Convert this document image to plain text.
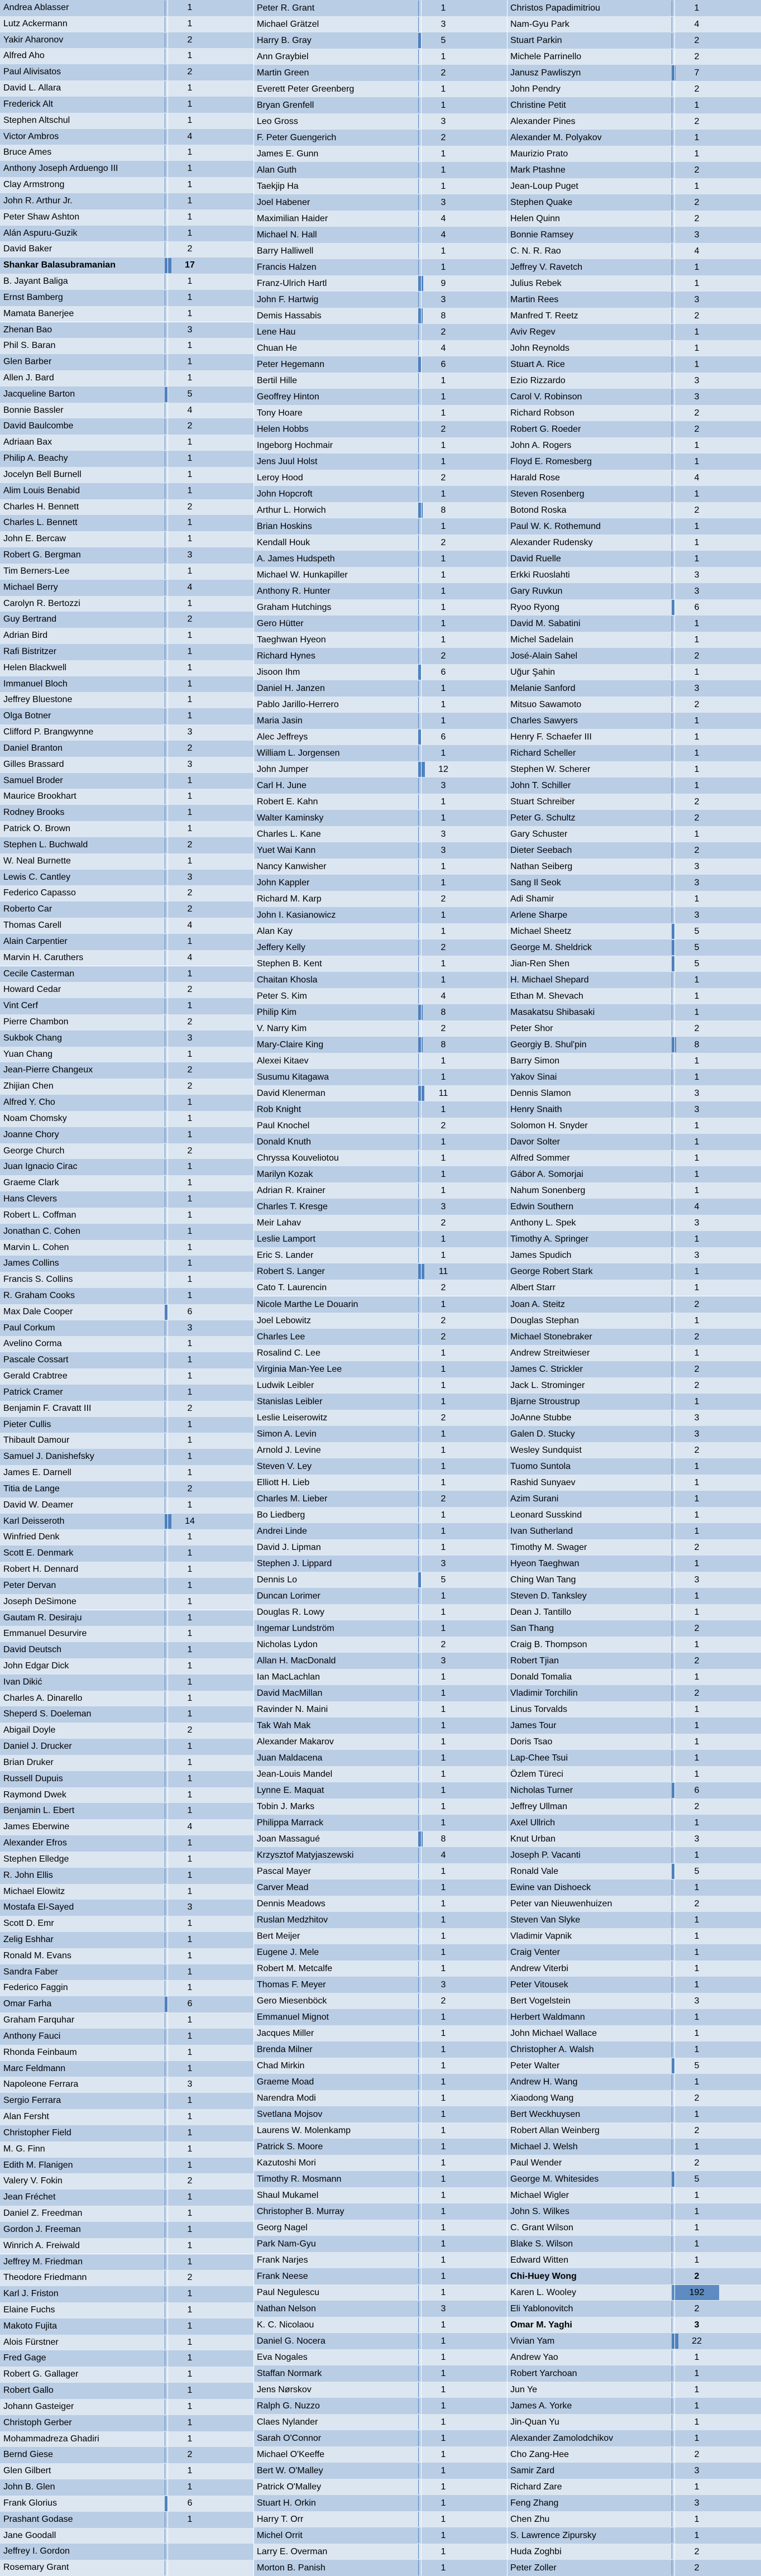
Andrea Ablasser	1
Lutz Ackermann	1
Yakir Aharonov	2
Alfred Aho	1
Paul Alivisatos	2
David L. Allara	1
Frederick Alt	1
Stephen Altschul	1
Victor Ambros	4
Bruce Ames	1
Anthony Joseph Arduengo III	1
Clay Armstrong	1
John R. Arthur Jr.	1
Peter Shaw Ashton	1
Alán Aspuru-Guzik	1
David Baker	2
Shankar Balasubramanian	17
B. Jayant Baliga	1
Ernst Bamberg	1
Mamata Banerjee	1
Zhenan Bao	3
Phil S. Baran	1
Glen Barber	1
Allen J. Bard	1
Jacqueline Barton	5
Bonnie Bassler	4
David Baulcombe	2
Adriaan Bax	1
Philip A. Beachy	1
Jocelyn Bell Burnell	1
Alim Louis Benabid	1
Charles H. Bennett	2
Charles L. Bennett	1
John E. Bercaw	1
Robert G. Bergman	3
Tim Berners-Lee	1
Michael Berry	4
Carolyn R. Bertozzi	1
Guy Bertrand	2
Adrian Bird	1
Rafi Bistritzer	1
Helen Blackwell	1
Immanuel Bloch	1
Jeffrey Bluestone	1
Olga Botner	1
Clifford P. Brangwynne	3
Daniel Branton	2
Gilles Brassard	3
Samuel Broder	1
Maurice Brookhart	1
Rodney Brooks	1
Patrick O. Brown	1
Stephen L. Buchwald	2
W. Neal Burnette	1
Lewis C. Cantley	3
Federico Capasso	2
Roberto Car	2
Thomas Carell	4
Alain Carpentier	1
Marvin H. Caruthers	4
Cecile Casterman	1
Howard Cedar	2
Vint Cerf	1
Pierre Chambon	2
Sukbok Chang	3
Yuan Chang	1
Jean-Pierre Changeux	2
Zhijian Chen	2
Alfred Y. Cho	1
Noam Chomsky	1
Joanne Chory	1
George Church	2
Juan Ignacio Cirac	1
Graeme Clark	1
Hans Clevers	1
Robert L. Coffman	1
Jonathan C. Cohen	1
Marvin L. Cohen	1
James Collins	1
Francis S. Collins	1
R. Graham Cooks	1
Max Dale Cooper	6
Paul Corkum	3
Avelino Corma	1
Pascale Cossart	1
Gerald Crabtree	1
Patrick Cramer	1
Benjamin F. Cravatt III	2
Pieter Cullis	1
Thibault Damour	1
Samuel J. Danishefsky	1
James E. Darnell	1
Titia de Lange	2
David W. Deamer	1
Karl Deisseroth	14
Winfried Denk	1
Scott E. Denmark	1
Robert H. Dennard	1
Peter Dervan	1
Joseph DeSimone	1
Gautam R. Desiraju	1
Emmanuel Desurvire	1
David Deutsch	1
John Edgar Dick	1
Ivan Dikić	1
Charles A. Dinarello	1
Sheperd S. Doeleman	1
Abigail Doyle	2
Daniel J. Drucker	1
Brian Druker	1
Russell Dupuis	1
Raymond Dwek	1
Benjamin L. Ebert	1
James Eberwine	4
Alexander Efros	1
Stephen Elledge	1
R. John Ellis	1
Michael Elowitz	1
Mostafa El-Sayed	3
Scott D. Emr	1
Zelig Eshhar	1
Ronald M. Evans	1
Sandra Faber	1
Federico Faggin	1
Omar Farha	6
Graham Farquhar	1
Anthony Fauci	1
Rhonda Feinbaum	1
Marc Feldmann	1
Napoleone Ferrara	3
Sergio Ferrara	1
Alan Fersht	1
Christopher Field	1
M. G. Finn	1
Edith M. Flanigen	1
Valery V. Fokin	2
Jean Fréchet	1
Daniel Z. Freedman	1
Gordon J. Freeman	1
Winrich A. Freiwald	1
Jeffrey M. Friedman	1
Theodore Friedmann	2
Karl J. Friston	1
Elaine Fuchs	1
Makoto Fujita	1
Alois Fürstner	1
Fred Gage	1
Robert G. Gallager	1
Robert Gallo	1
Johann Gasteiger	1
Christoph Gerber	1
Mohammadreza Ghadiri	1
Bernd Giese	2
Glen Gilbert	1
John B. Glen	1
Frank Glorius	6
Prashant Godase	1
Jane Goodall
Jeffrey I. Gordon
Rosemary Grant
Peter R. Grant	1
Michael Grätzel	3
Harry B. Gray	5
Ann Graybiel	1
Martin Green	2
Everett Peter Greenberg	1
Bryan Grenfell	1
Leo Gross	3
F. Peter Guengerich	2
James E. Gunn	1
Alan Guth	1
Taekjip Ha	1
Joel Habener	3
Maximilian Haider	4
Michael N. Hall	4
Barry Halliwell	1
Francis Halzen	1
Franz-Ulrich Hartl	9
John F. Hartwig	3
Demis Hassabis	8
Lene Hau	2
Chuan He	4
Peter Hegemann	6
Bertil Hille	1
Geoffrey Hinton	1
Tony Hoare	1
Helen Hobbs	2
Ingeborg Hochmair	1
Jens Juul Holst	1
Leroy Hood	2
John Hopcroft	1
Arthur L. Horwich	8
Brian Hoskins	1
Kendall Houk	2
A. James Hudspeth	1
Michael W. Hunkapiller	1
Anthony R. Hunter	1
Graham Hutchings	1
Gero Hütter	1
Taeghwan Hyeon	1
Richard Hynes	2
Jisoon Ihm	6
Daniel H. Janzen	1
Pablo Jarillo-Herrero	1
Maria Jasin	1
Alec Jeffreys	6
William L. Jorgensen	1
John Jumper	12
Carl H. June	3
Robert E. Kahn	1
Walter Kaminsky	1
Charles L. Kane	3
Yuet Wai Kann	3
Nancy Kanwisher	1
John Kappler	1
Richard M. Karp	2
John I. Kasianowicz	1
Alan Kay	1
Jeffery Kelly	2
Stephen B. Kent	1
Chaitan Khosla	1
Peter S. Kim	4
Philip Kim	8
V. Narry Kim	2
Mary-Claire King	8
Alexei Kitaev	1
Susumu Kitagawa	1
David Klenerman	11
Rob Knight	1
Paul Knochel	2
Donald Knuth	1
Chryssa Kouveliotou	1
Marilyn Kozak	1
Adrian R. Krainer	1
Charles T. Kresge	3
Meir Lahav	2
Leslie Lamport	1
Eric S. Lander	1
Robert S. Langer	11
Cato T. Laurencin	2
Nicole Marthe Le Douarin	1
Joel Lebowitz	2
Charles Lee	2
Rosalind C. Lee	1
Virginia Man-Yee Lee	1
Ludwik Leibler	1
Stanislas Leibler	1
Leslie Leiserowitz	2
Simon A. Levin	1
Arnold J. Levine	1
Steven V. Ley	1
Elliott H. Lieb	1
Charles M. Lieber	2
Bo Liedberg	1
Andrei Linde	1
David J. Lipman	1
Stephen J. Lippard	3
Dennis Lo	5
Duncan Lorimer	1
Douglas R. Lowy	1
Ingemar Lundström	1
Nicholas Lydon	2
Allan H. MacDonald	3
Ian MacLachlan	1
David MacMillan	1
Ravinder N. Maini	1
Tak Wah Mak	1
Alexander Makarov	1
Juan Maldacena	1
Jean-Louis Mandel	1
Lynne E. Maquat	1
Tobin J. Marks	1
Philippa Marrack	1
Joan Massagué	8
Krzysztof Matyjaszewski	4
Pascal Mayer	1
Carver Mead	1
Dennis Meadows	1
Ruslan Medzhitov	1
Bert Meijer	1
Eugene J. Mele	1
Robert M. Metcalfe	1
Thomas F. Meyer	3
Gero Miesenböck	2
Emmanuel Mignot	1
Jacques Miller	1
Brenda Milner	1
Chad Mirkin	1
Graeme Moad	1
Narendra Modi	1
Svetlana Mojsov	1
Laurens W. Molenkamp	1
Patrick S. Moore	1
Kazutoshi Mori	1
Timothy R. Mosmann	1
Shaul Mukamel	1
Christopher B. Murray	1
Georg Nagel	1
Park Nam-Gyu	1
Frank Narjes	1
Frank Neese	1
Paul Negulescu	1
Nathan Nelson	3
K. C. Nicolaou	1
Daniel G. Nocera	1
Eva Nogales	1
Staffan Normark	1
Jens Nørskov	1
Ralph G. Nuzzo	1
Claes Nylander	1
Sarah O'Connor	1
Michael O'Keeffe	1
Bert W. O'Malley	1
Patrick O'Malley	1
Stuart H. Orkin	1
Harry T. Orr	1
Michel Orrit	1
Larry E. Overman	1
Morton B. Panish	1
Christos Papadimitriou	1
Nam-Gyu Park	4
Stuart Parkin	2
Michele Parrinello	2
Janusz Pawliszyn	7
John Pendry	2
Christine Petit	1
Alexander Pines	2
Alexander M. Polyakov	1
Maurizio Prato	1
Mark Ptashne	2
Jean-Loup Puget	1
Stephen Quake	2
Helen Quinn	2
Bonnie Ramsey	3
C. N. R. Rao	4
Jeffrey V. Ravetch	1
Julius Rebek	1
Martin Rees	3
Manfred T. Reetz	2
Aviv Regev	1
John Reynolds	1
Stuart A. Rice	1
Ezio Rizzardo	3
Carol V. Robinson	3
Richard Robson	2
Robert G. Roeder	2
John A. Rogers	1
Floyd E. Romesberg	1
Harald Rose	4
Steven Rosenberg	1
Botond Roska	2
Paul W. K. Rothemund	1
Alexander Rudensky	1
David Ruelle	1
Erkki Ruoslahti	3
Gary Ruvkun	3
Ryoo Ryong	6
David M. Sabatini	1
Michel Sadelain	1
José-Alain Sahel	2
Uğur Şahin	1
Melanie Sanford	3
Mitsuo Sawamoto	2
Charles Sawyers	1
Henry F. Schaefer III	1
Richard Scheller	1
Stephen W. Scherer	1
John T. Schiller	1
Stuart Schreiber	2
Peter G. Schultz	2
Gary Schuster	1
Dieter Seebach	2
Nathan Seiberg	3
Sang Il Seok	3
Adi Shamir	1
Arlene Sharpe	3
Michael Sheetz	5
George M. Sheldrick	5
Jian-Ren Shen	5
H. Michael Shepard	1
Ethan M. Shevach	1
Masakatsu Shibasaki	1
Peter Shor	2
Georgiy B. Shul'pin	8
Barry Simon	1
Yakov Sinai	1
Dennis Slamon	3
Henry Snaith	3
Solomon H. Snyder	1
Davor Solter	1
Alfred Sommer	1
Gábor A. Somorjai	1
Nahum Sonenberg	1
Edwin Southern	4
Anthony L. Spek	3
Timothy A. Springer	1
James Spudich	3
George Robert Stark	1
Albert Starr	1
Joan A. Steitz	2
Douglas Stephan	1
Michael Stonebraker	2
Andrew Streitwieser	1
James C. Strickler	2
Jack L. Strominger	2
Bjarne Stroustrup	1
JoAnne Stubbe	3
Galen D. Stucky	3
Wesley Sundquist	2
Tuomo Suntola	1
Rashid Sunyaev	1
Azim Surani	1
Leonard Susskind	1
Ivan Sutherland	1
Timothy M. Swager	2
Hyeon Taeghwan	1
Ching Wan Tang	3
Steven D. Tanksley	1
Dean J. Tantillo	1
San Thang	2
Craig B. Thompson	1
Robert Tjian	2
Donald Tomalia	1
Vladimir Torchilin	2
Linus Torvalds	1
James Tour	1
Doris Tsao	1
Lap-Chee Tsui	1
Özlem Türeci	1
Nicholas Turner	6
Jeffrey Ullman	2
Axel Ullrich	1
Knut Urban	3
Joseph P. Vacanti	1
Ronald Vale	5
Ewine van Dishoeck	1
Peter van Nieuwenhuizen	2
Steven Van Slyke	1
Vladimir Vapnik	1
Craig Venter	1
Andrew Viterbi	1
Peter Vitousek	1
Bert Vogelstein	3
Herbert Waldmann	1
John Michael Wallace	1
Christopher A. Walsh	1
Peter Walter	5
Andrew H. Wang	1
Xiaodong Wang	2
Bert Weckhuysen	1
Robert Allan Weinberg	2
Michael J. Welsh	1
Paul Wender	2
George M. Whitesides	5
Michael Wigler	1
John S. Wilkes	1
C. Grant Wilson	1
Blake S. Wilson	1
Edward Witten	1
Chi-Huey Wong	2
Karen L. Wooley	192
Eli Yablonovitch	2
Omar M. Yaghi	3
Vivian Yam	22
Andrew Yao	1
Robert Yarchoan	1
Jun Ye	1
James A. Yorke	1
Jin-Quan Yu	1
Alexander Zamolodchikov	1
Cho Zang-Hee	2
Samir Zard	3
Richard Zare	1
Feng Zhang	3
Chen Zhu	1
S. Lawrence Zipursky	1
Huda Zoghbi	2
Peter Zoller	2
